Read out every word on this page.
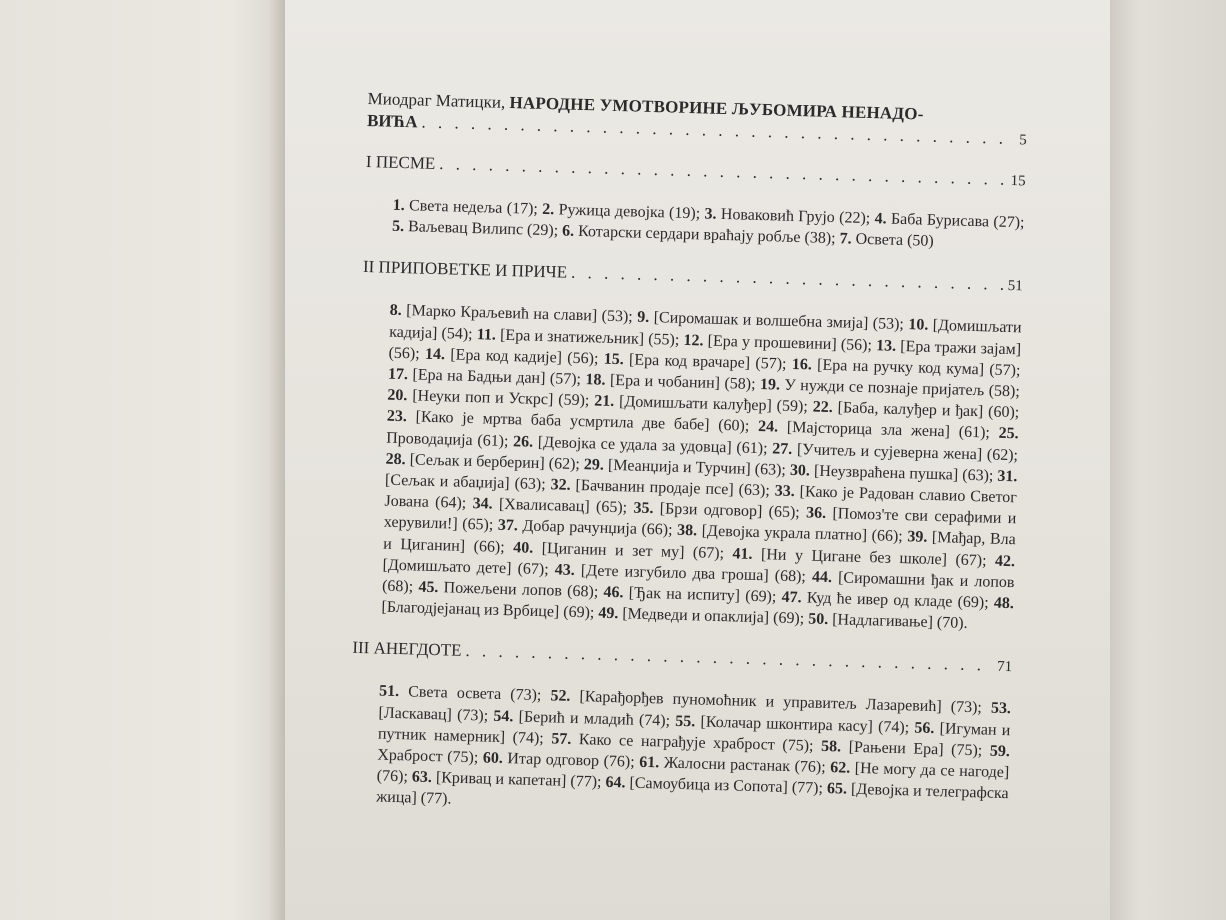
Миодраг Матицки, НАРОДНЕ УМОТВОРИНЕ ЉУБОМИРА НЕНАДО-
ВИЋА
. . .
5
I ПЕСМЕ
. . .
15
1. Света недеља (17); 2. Ружица девојка (19); 3. Новаковић Грујо (22); 4. Баба Бурисава (27); 5. Ваљевац Вилипс (29); 6. Котарски сердари враћају робље (38); 7. Освета (50)
II ПРИПОВЕТКЕ И ПРИЧЕ
. . .
51
8. [Марко Краљевић на слави] (53); 9. [Сиромашак и волшебна змија] (53); 10. [Домишљати кадија] (54); 11. [Ера и знатижељник] (55); 12. [Ера у прошевини] (56); 13. [Ера тражи зајам] (56); 14. [Ера код кадије] (56); 15. [Ера код врачаре] (57); 16. [Ера на ручку код кума] (57); 17. [Ера на Бадњи дан] (57); 18. [Ера и чобанин] (58); 19. У нужди се познаје пријатељ (58); 20. [Неуки поп и Ускрс] (59); 21. [Домишљати калуђер] (59); 22. [Баба, калуђер и ђак] (60); 23. [Како је мртва баба усмртила две бабе] (60); 24. [Мајсторица зла жена] (61); 25. Проводаџија (61); 26. [Девојка се удала за удовца] (61); 27. [Учитељ и сујеверна жена] (62); 28. [Сељак и берберин] (62); 29. [Меанџија и Турчин] (63); 30. [Неузвраћена пушка] (63); 31. [Сељак и абаџија] (63); 32. [Бачванин продаје псе] (63); 33. [Како је Радован славио Светог Јована (64); 34. [Хвалисавац] (65); 35. [Брзи одговор] (65); 36. [Помоз'те сви серафими и херувили!] (65); 37. Добар рачунџија (66); 38. [Девојка украла платно] (66); 39. [Мађар, Вла и Циганин] (66); 40. [Циганин и зет му] (67); 41. [Ни у Цигане без школе] (67); 42. [Домишљато дете] (67); 43. [Дете изгубило два гроша] (68); 44. [Сиромашни ђак и лопов (68); 45. Пожељени лопов (68); 46. [Ђак на испиту] (69); 47. Куд ће ивер од кладе (69); 48. [Благодјејанац из Врбице] (69); 49. [Медведи и опаклија] (69); 50. [Надлагивање] (70).
III АНЕГДОТЕ
. . .
71
51. Света освета (73); 52. [Карађорђев пуномоћник и управитељ Лазаревић] (73); 53. [Ласкавац] (73); 54. [Берић и младић (74); 55. [Колачар шконтира касу] (74); 56. [Игуман и путник намерник] (74); 57. Како се награђује храброст (75); 58. [Рањени Ера] (75); 59. Храброст (75); 60. Итар одговор (76); 61. Жалосни растанак (76); 62. [Не могу да се нагоде] (76); 63. [Кривац и капетан] (77); 64. [Самоубица из Сопота] (77); 65. [Девојка и телеграфска жица] (77).
